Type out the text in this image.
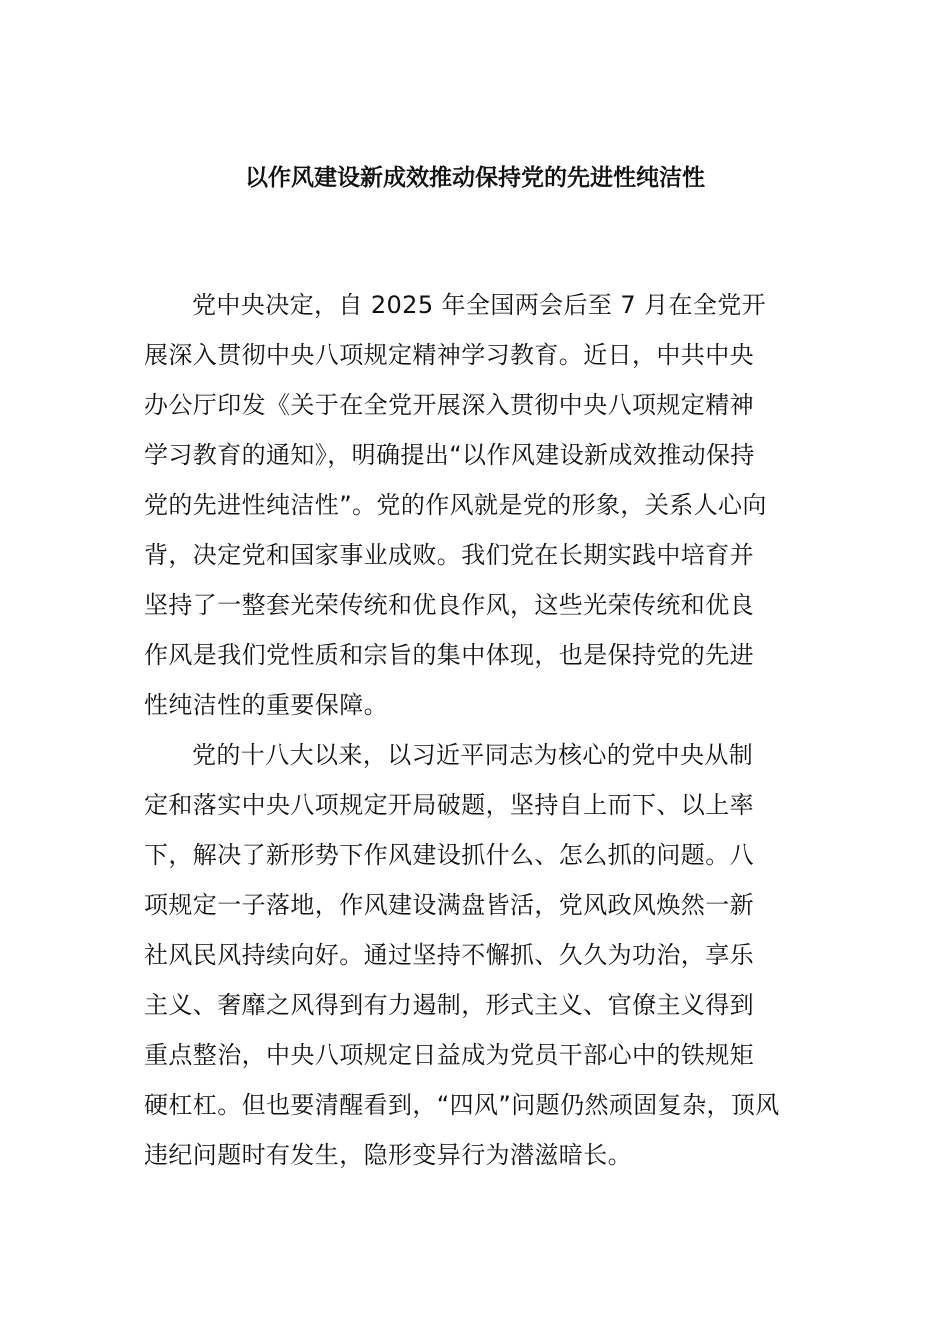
以作风建设新成效推动保持党的先进性纯洁性
党中央决定，自 2025 年全国两会后至 7 月在全党开
展深入贯彻中央八项规定精神学习教育。近日，中共中央
办公厅印发《关于在全党开展深入贯彻中央八项规定精神
学习教育的通知》，明确提出“以作风建设新成效推动保持
党的先进性纯洁性”。党的作风就是党的形象，关系人心向
背，决定党和国家事业成败。我们党在长期实践中培育并
坚持了一整套光荣传统和优良作风，这些光荣传统和优良
作风是我们党性质和宗旨的集中体现，也是保持党的先进
性纯洁性的重要保障。
党的十八大以来，以习近平同志为核心的党中央从制
定和落实中央八项规定开局破题，坚持自上而下、以上率
下，解决了新形势下作风建设抓什么、怎么抓的问题。八
项规定一子落地，作风建设满盘皆活，党风政风焕然一新
社风民风持续向好。通过坚持不懈抓、久久为功治，享乐
主义、奢靡之风得到有力遏制，形式主义、官僚主义得到
重点整治，中央八项规定日益成为党员干部心中的铁规矩
硬杠杠。但也要清醒看到，“四风”问题仍然顽固复杂，顶风
违纪问题时有发生，隐形变异行为潜滋暗长。
